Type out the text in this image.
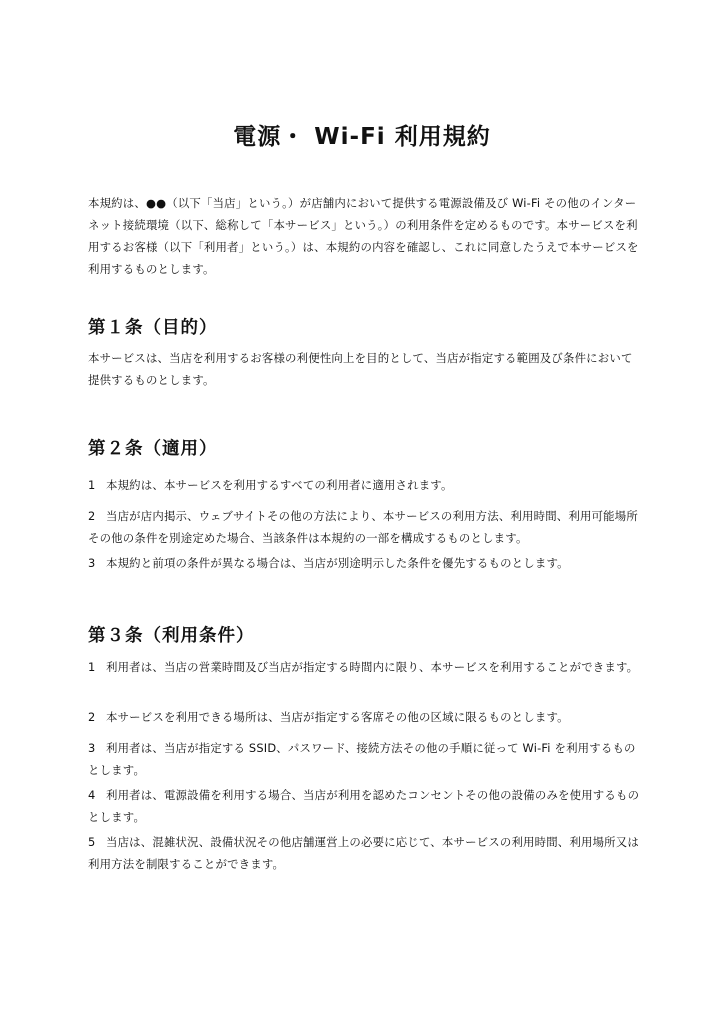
電源・ Wi-Fi 利用規約

本規約は、●●（以下「当店」という。）が店舗内において提供する電源設備及び Wi-Fi その他のインターネット接続環境（以下、総称して「本サービス」という。）の利用条件を定めるものです。本サービスを利用するお客様（以下「利用者」という。）は、本規約の内容を確認し、これに同意したうえで本サービスを利用するものとします。

第１条（目的）

本サービスは、当店を利用するお客様の利便性向上を目的として、当店が指定する範囲及び条件において提供するものとします。

第２条（適用）

1 本規約は、本サービスを利用するすべての利用者に適用されます。

2 当店が店内掲示、ウェブサイトその他の方法により、本サービスの利用方法、利用時間、利用可能場所その他の条件を別途定めた場合、当該条件は本規約の一部を構成するものとします。

3 本規約と前項の条件が異なる場合は、当店が別途明示した条件を優先するものとします。

第３条（利用条件）

1 利用者は、当店の営業時間及び当店が指定する時間内に限り、本サービスを利用することができます。

2 本サービスを利用できる場所は、当店が指定する客席その他の区域に限るものとします。

3 利用者は、当店が指定する SSID、パスワード、接続方法その他の手順に従って Wi-Fi を利用するものとします。

4 利用者は、電源設備を利用する場合、当店が利用を認めたコンセントその他の設備のみを使用するものとします。

5 当店は、混雑状況、設備状況その他店舗運営上の必要に応じて、本サービスの利用時間、利用場所又は利用方法を制限することができます。
